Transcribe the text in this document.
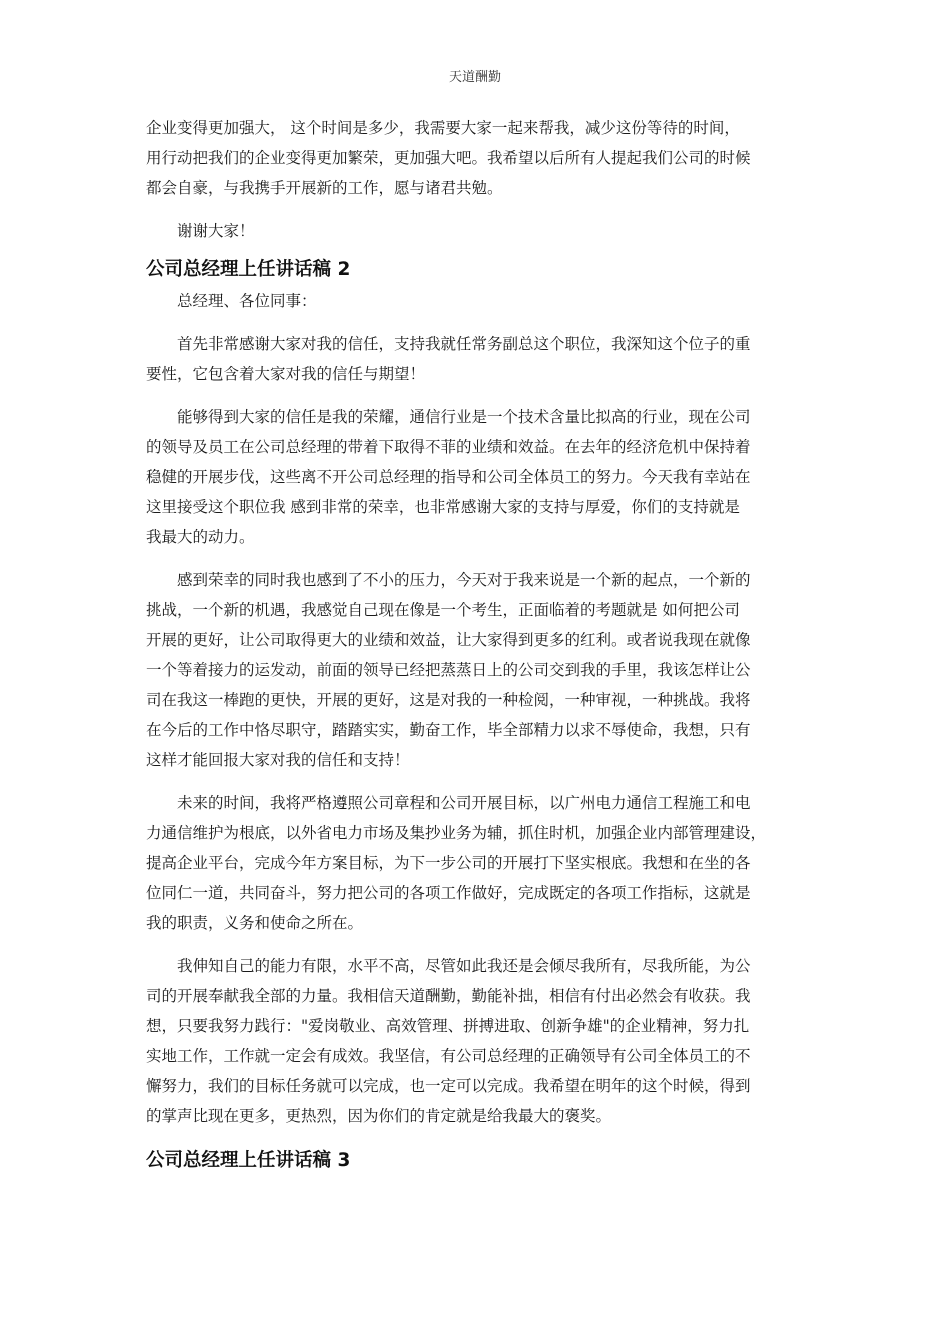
天道酬勤

企业变得更加强大， 这个时间是多少，我需要大家一起来帮我，减少这份等待的时间，
用行动把我们的企业变得更加繁荣，更加强大吧。我希望以后所有人提起我们公司的时候
都会自豪，与我携手开展新的工作，愿与诸君共勉。

谢谢大家！

公司总经理上任讲话稿 2

总经理、各位同事：

首先非常感谢大家对我的信任，支持我就任常务副总这个职位，我深知这个位子的重
要性，它包含着大家对我的信任与期望！

能够得到大家的信任是我的荣耀，通信行业是一个技术含量比拟高的行业，现在公司
的领导及员工在公司总经理的带着下取得不菲的业绩和效益。在去年的经济危机中保持着
稳健的开展步伐，这些离不开公司总经理的指导和公司全体员工的努力。今天我有幸站在
这里接受这个职位我 感到非常的荣幸，也非常感谢大家的支持与厚爱，你们的支持就是
我最大的动力。

感到荣幸的同时我也感到了不小的压力，今天对于我来说是一个新的起点，一个新的
挑战，一个新的机遇，我感觉自己现在像是一个考生，正面临着的考题就是 如何把公司
开展的更好，让公司取得更大的业绩和效益，让大家得到更多的红利。或者说我现在就像
一个等着接力的运发动，前面的领导已经把蒸蒸日上的公司交到我的手里，我该怎样让公
司在我这一棒跑的更快，开展的更好，这是对我的一种检阅，一种审视，一种挑战。我将
在今后的工作中恪尽职守，踏踏实实，勤奋工作，毕全部精力以求不辱使命，我想，只有
这样才能回报大家对我的信任和支持！

未来的时间，我将严格遵照公司章程和公司开展目标，以广州电力通信工程施工和电
力通信维护为根底，以外省电力市场及集抄业务为辅，抓住时机，加强企业内部管理建设，
提高企业平台，完成今年方案目标，为下一步公司的开展打下坚实根底。我想和在坐的各
位同仁一道，共同奋斗，努力把公司的各项工作做好，完成既定的各项工作指标，这就是
我的职责，义务和使命之所在。

我伸知自己的能力有限，水平不高，尽管如此我还是会倾尽我所有，尽我所能，为公
司的开展奉献我全部的力量。我相信天道酬勤，勤能补拙，相信有付出必然会有收获。我
想，只要我努力践行："爱岗敬业、高效管理、拼搏进取、创新争雄"的企业精神，努力扎
实地工作，工作就一定会有成效。我坚信，有公司总经理的正确领导有公司全体员工的不
懈努力，我们的目标任务就可以完成，也一定可以完成。我希望在明年的这个时候，得到
的掌声比现在更多，更热烈，因为你们的肯定就是给我最大的褒奖。

公司总经理上任讲话稿 3
